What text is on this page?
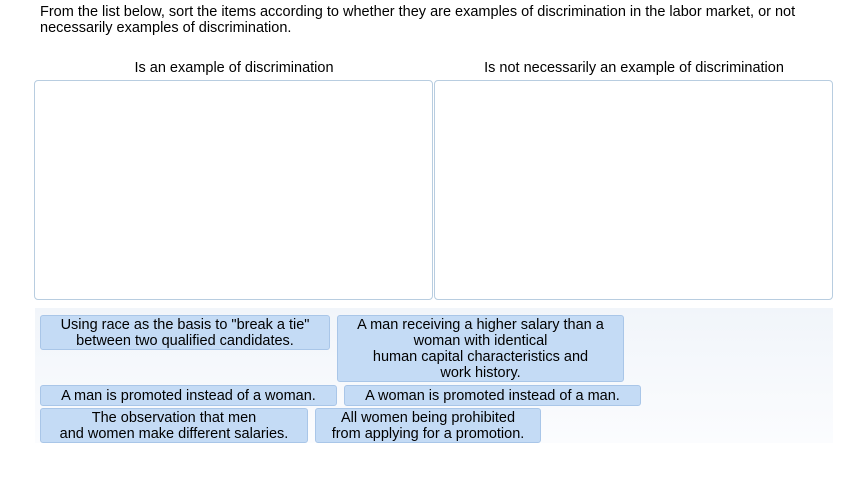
From the list below, sort the items according to whether they are examples of discrimination in the labor market, or not necessarily examples of discrimination.

Is an example of discrimination	Is not necessarily an example of discrimination
Using race as the basis to "break a tie"
between two qualified candidates.
A man receiving a higher salary than a
woman with identical
human capital characteristics and
work history.
A man is promoted instead of a woman.	A woman is promoted instead of a man.
The observation that men
and women make different salaries.
All women being prohibited
from applying for a promotion.
